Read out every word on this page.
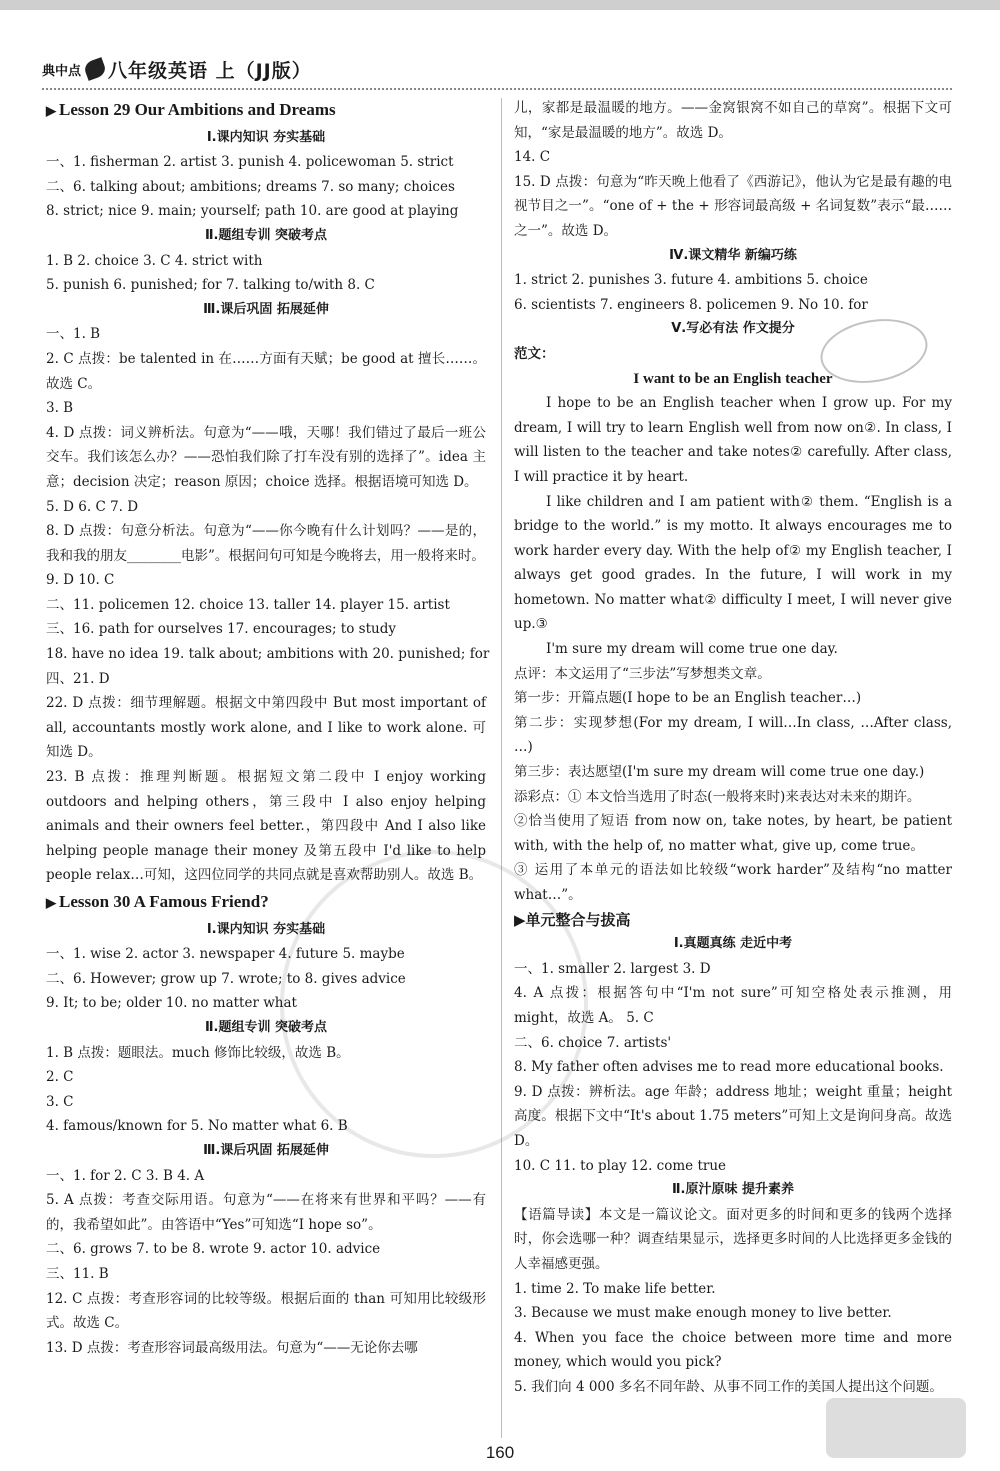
典中点 八年级英语 上（JJ版）
▶ Lesson 29 Our Ambitions and Dreams
Ⅰ.课内知识 夯实基础
一、1. fisherman 2. artist 3. punish 4. policewoman 5. strict
二、6. talking about; ambitions; dreams 7. so many; choices
8. strict; nice 9. main; yourself; path 10. are good at playing
Ⅱ.题组专训 突破考点
1. B 2. choice 3. C 4. strict with
5. punish 6. punished; for 7. talking to/with 8. C
Ⅲ.课后巩固 拓展延伸
一、1. B
2. C 点拨：be talented in 在……方面有天赋；be good at 擅长……。故选 C。
3. B
4. D 点拨：词义辨析法。句意为“——哦，天哪！我们错过了最后一班公交车。我们该怎么办？——恐怕我们除了打车没有别的选择了”。idea 主意；decision 决定；reason 原因；choice 选择。根据语境可知选 D。
5. D 6. C 7. D
8. D 点拨：句意分析法。句意为“——你今晚有什么计划吗？——是的，我和我的朋友________电影”。根据问句可知是今晚将去，用一般将来时。
9. D 10. C
二、11. policemen 12. choice 13. taller 14. player 15. artist
三、16. path for ourselves 17. encourages; to study
18. have no idea 19. talk about; ambitions with 20. punished; for
四、21. D
22. D 点拨：细节理解题。根据文中第四段中 But most important of all, accountants mostly work alone, and I like to work alone. 可知选 D。
23. B 点拨：推理判断题。根据短文第二段中 I enjoy working outdoors and helping others，第三段中 I also enjoy helping animals and their owners feel better.，第四段中 And I also like helping people manage their money 及第五段中 I'd like to help people relax…可知，这四位同学的共同点就是喜欢帮助别人。故选 B。
▶ Lesson 30 A Famous Friend?
Ⅰ.课内知识 夯实基础
一、1. wise 2. actor 3. newspaper 4. future 5. maybe
二、6. However; grow up 7. wrote; to 8. gives advice
9. It; to be; older 10. no matter what
Ⅱ.题组专训 突破考点
1. B 点拨：题眼法。much 修饰比较级，故选 B。
2. C
3. C
4. famous/known for 5. No matter what 6. B
Ⅲ.课后巩固 拓展延伸
一、1. for 2. C 3. B 4. A
5. A 点拨：考查交际用语。句意为“——在将来有世界和平吗？——有的，我希望如此”。由答语中“Yes”可知选“I hope so”。
二、6. grows 7. to be 8. wrote 9. actor 10. advice
三、11. B
12. C 点拨：考查形容词的比较等级。根据后面的 than 可知用比较级形式。故选 C。
13. D 点拨：考查形容词最高级用法。句意为“——无论你去哪
儿，家都是最温暖的地方。——金窝银窝不如自己的草窝”。根据下文可知，“家是最温暖的地方”。故选 D。
14. C
15. D 点拨：句意为“昨天晚上他看了《西游记》，他认为它是最有趣的电视节目之一”。“one of + the + 形容词最高级 + 名词复数”表示“最……之一”。故选 D。
Ⅳ.课文精华 新编巧练
1. strict 2. punishes 3. future 4. ambitions 5. choice
6. scientists 7. engineers 8. policemen 9. No 10. for
Ⅴ.写必有法 作文提分
范文：
I want to be an English teacher
I hope to be an English teacher when I grow up. For my dream, I will try to learn English well from now on②. In class, I will listen to the teacher and take notes② carefully. After class, I will practice it by heart.
I like children and I am patient with② them. “English is a bridge to the world.” is my motto. It always encourages me to work harder every day. With the help of② my English teacher, I always get good grades. In the future, I will work in my hometown. No matter what② difficulty I meet, I will never give up.③
I'm sure my dream will come true one day.
点评：本文运用了“三步法”写梦想类文章。
第一步：开篇点题(I hope to be an English teacher…)
第二步：实现梦想(For my dream, I will…In class, …After class, …)
第三步：表达愿望(I'm sure my dream will come true one day.)
添彩点：① 本文恰当选用了时态(一般将来时)来表达对未来的期许。
②恰当使用了短语 from now on, take notes, by heart, be patient with, with the help of, no matter what, give up, come true。
③ 运用了本单元的语法如比较级“work harder”及结构“no matter what…”。
▶单元整合与拔高
Ⅰ.真题真练 走近中考
一、1. smaller 2. largest 3. D
4. A 点拨：根据答句中“I'm not sure”可知空格处表示推测，用 might，故选 A。 5. C
二、6. choice 7. artists'
8. My father often advises me to read more educational books.
9. D 点拨：辨析法。age 年龄；address 地址；weight 重量；height 高度。根据下文中“It's about 1.75 meters”可知上文是询问身高。故选 D。
10. C 11. to play 12. come true
Ⅱ.原汁原味 提升素养
【语篇导读】本文是一篇议论文。面对更多的时间和更多的钱两个选择时，你会选哪一种？调查结果显示，选择更多时间的人比选择更多金钱的人幸福感更强。
1. time 2. To make life better.
3. Because we must make enough money to live better.
4. When you face the choice between more time and more money, which would you pick?
5. 我们向 4 000 多名不同年龄、从事不同工作的美国人提出这个问题。
160
